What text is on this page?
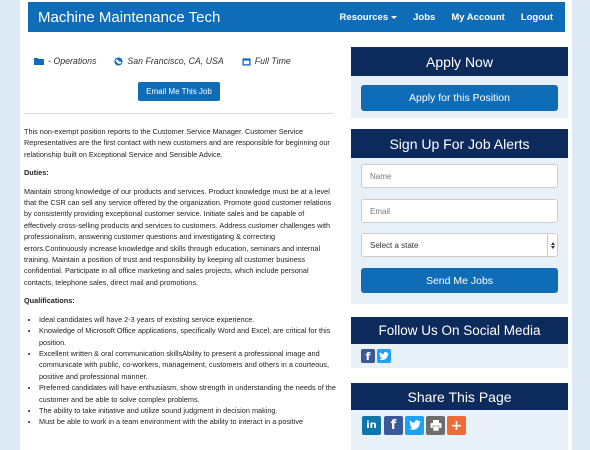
Machine Maintenance Tech	Resources	Jobs My Account Logout
- Operations	San Francisco, CA, USA	Full Time
Email Me This Job

This non-exempt position reports to the Customer Service Manager. Customer Service Representatives are the first contact with new customers and are responsible for beginning our relationship built on Exceptional Service and Sensible Advice.

Duties:

Maintain strong knowledge of our products and services. Product knowledge must be at a level that the CSR can sell any service offered by the organization. Promote good customer relations by consistently providing exceptional customer service. Initiate sales and be capable of effectively cross-selling products and services to customers. Address customer challenges with professionalism, answering customer questions and investigating & correcting errors.Continuously increase knowledge and skills through education, seminars and internal training. Maintain a position of trust and responsibility by keeping all customer business confidential. Participate in all office marketing and sales projects, which include personal contacts, telephone sales, direct mail and promotions.

Qualifications:
• Ideal candidates will have 2-3 years of existing service experience.
• Knowledge of Microsoft Office applications, specifically Word and Excel, are critical for this position.
• Excellent written & oral communication skillsAbility to present a professional image and communicate with public, co-workers, management, customers and others in a courteous, positive and professional manner.
• Preferred candidates will have enthusiasm, show strength in understanding the needs of the customer and be able to solve complex problems.
• The ability to take initiative and utilize sound judgment in decision making.
• Must be able to work in a team environment with the ability to interact in a positive
Apply Now
Apply for this Position
Sign Up For Job Alerts
Name
Email
Select a state
Send Me Jobs
Follow Us On Social Media
f
Share This Page
in	f	+
